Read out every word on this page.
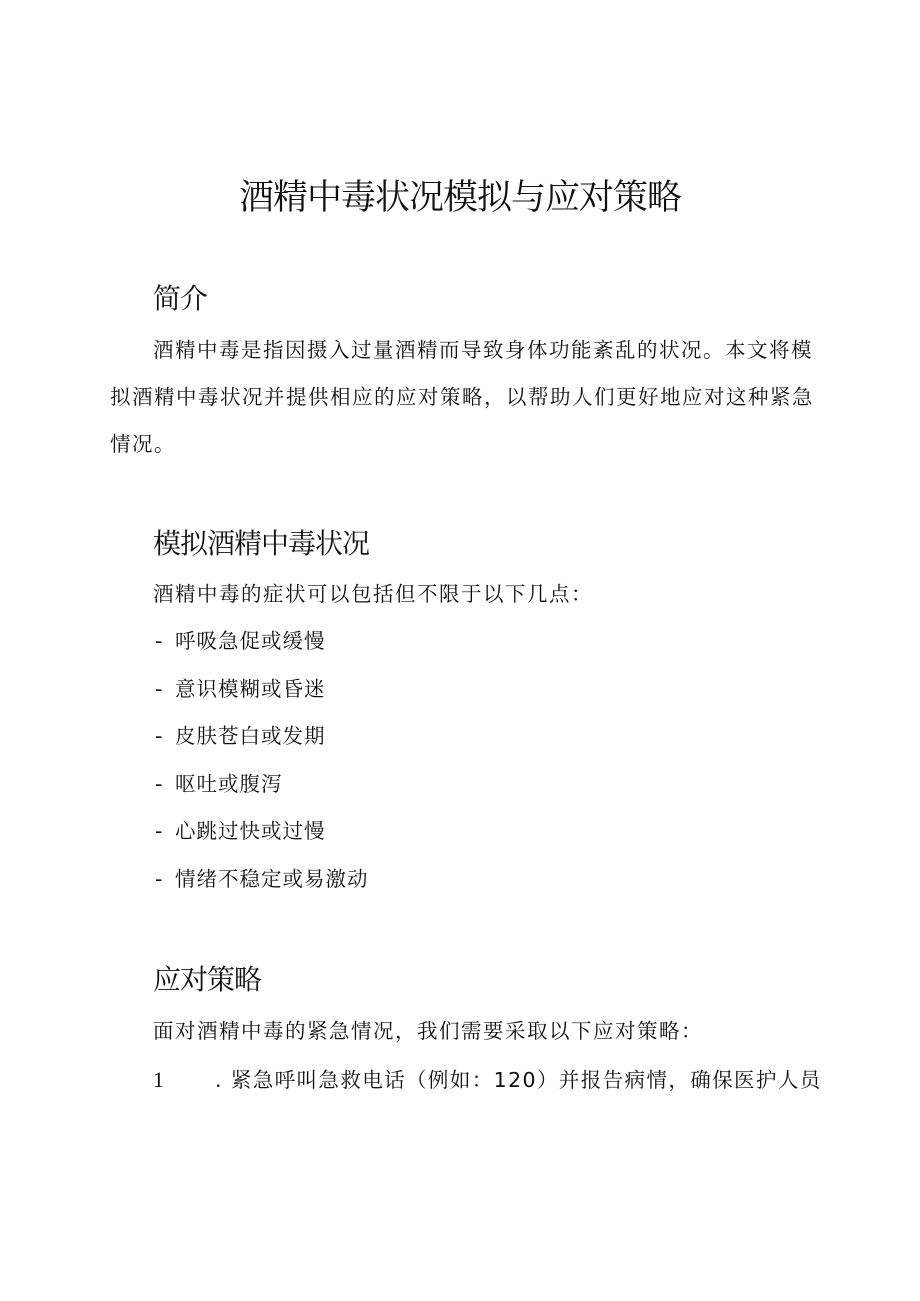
酒精中毒状况模拟与应对策略
简介

酒精中毒是指因摄入过量酒精而导致身体功能紊乱的状况。本文将模

拟酒精中毒状况并提供相应的应对策略，以帮助人们更好地应对这种紧急

情况。

模拟酒精中毒状况

酒精中毒的症状可以包括但不限于以下几点：

- 呼吸急促或缓慢
- 意识模糊或昏迷
- 皮肤苍白或发期
- 呕吐或腹泻
- 心跳过快或过慢
- 情绪不稳定或易激动
应对策略

面对酒精中毒的紧急情况，我们需要采取以下应对策略：

1 . 紧急呼叫急救电话（例如：120）并报告病情，确保医护人员
